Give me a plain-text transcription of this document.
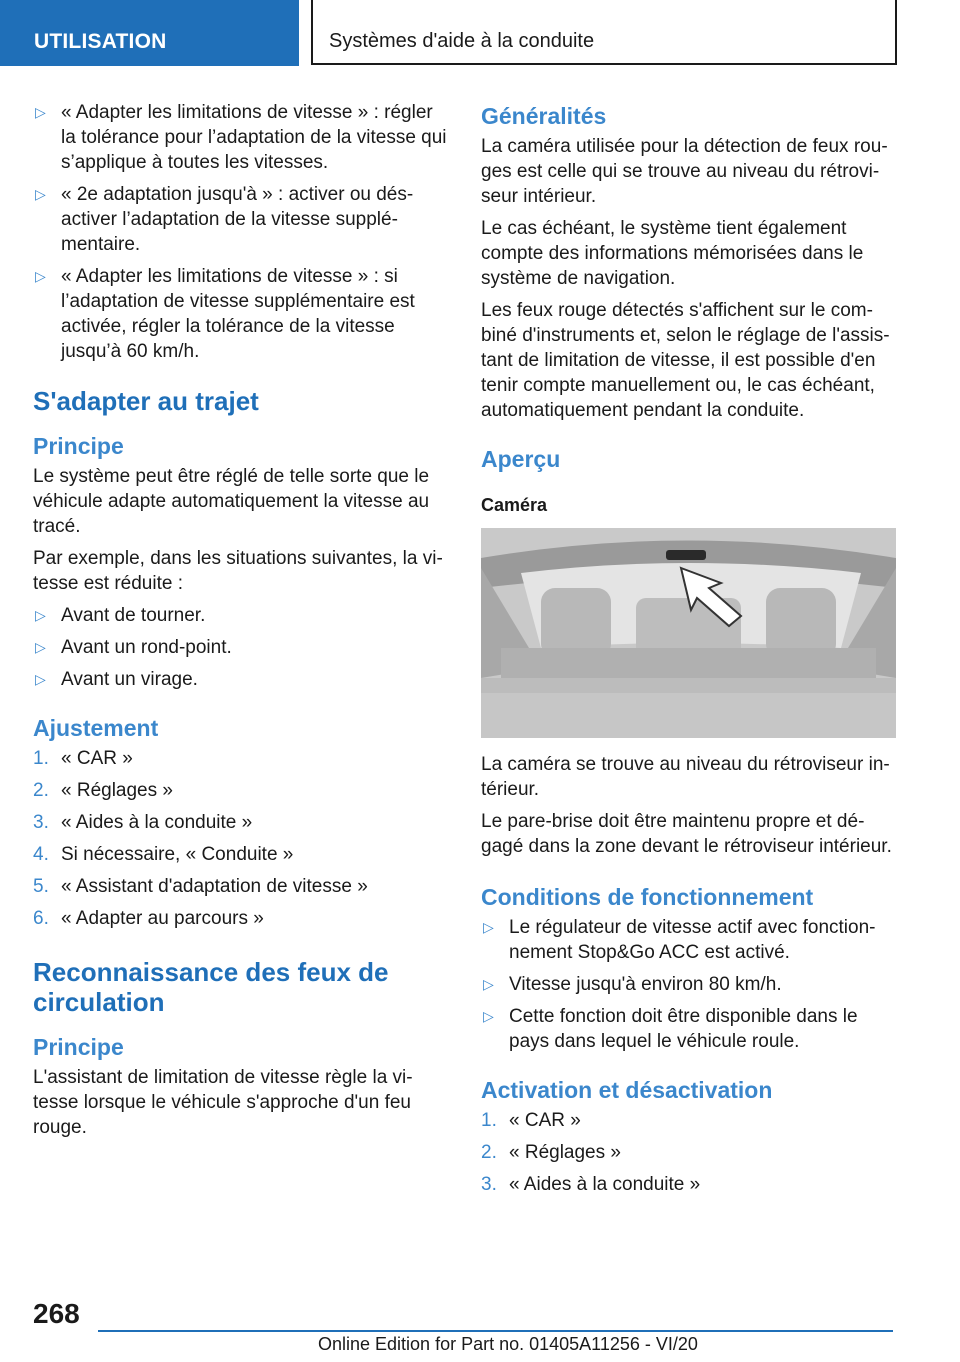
UTILISATION	Systèmes d'aide à la conduite
▷ « Adapter les limitations de vitesse » : régler la tolérance pour l’adaptation de la vitesse qui s’applique à toutes les vitesses.
▷ « 2e adaptation jusqu'à » : activer ou désactiver l’adaptation de la vitesse supplémentaire.
▷ « Adapter les limitations de vitesse » : si l’adaptation de vitesse supplémentaire est activée, régler la tolérance de la vitesse jusqu’à 60 km/h.
S'adapter au trajet
Principe

Le système peut être réglé de telle sorte que le véhicule adapte automatiquement la vitesse au tracé.

Par exemple, dans les situations suivantes, la vitesse est réduite :

▷ Avant de tourner.
▷ Avant un rond-point.
▷ Avant un virage.
Ajustement
1. « CAR »
2. « Réglages »
3. « Aides à la conduite »
4. Si nécessaire, « Conduite »
5. « Assistant d'adaptation de vitesse »
6. « Adapter au parcours »
Reconnaissance des feux de circulation
Principe

L'assistant de limitation de vitesse règle la vitesse lorsque le véhicule s'approche d'un feu rouge.

Généralités

La caméra utilisée pour la détection de feux rouges est celle qui se trouve au niveau du rétroviseur intérieur.

Le cas échéant, le système tient également compte des informations mémorisées dans le système de navigation.

Les feux rouge détectés s'affichent sur le combiné d'instruments et, selon le réglage de l'assistant de limitation de vitesse, il est possible d'en tenir compte manuellement ou, le cas échéant, automatiquement pendant la conduite.

Aperçu
Caméra

La caméra se trouve au niveau du rétroviseur intérieur.

Le pare-brise doit être maintenu propre et dégagé dans la zone devant le rétroviseur intérieur.

Conditions de fonctionnement
▷ Le régulateur de vitesse actif avec fonctionnement Stop&Go ACC est activé.
▷ Vitesse jusqu'à environ 80 km/h.
▷ Cette fonction doit être disponible dans le pays dans lequel le véhicule roule.
Activation et désactivation
1. « CAR »
2. « Réglages »
3. « Aides à la conduite »
268
Online Edition for Part no. 01405A11256 - VI/20
